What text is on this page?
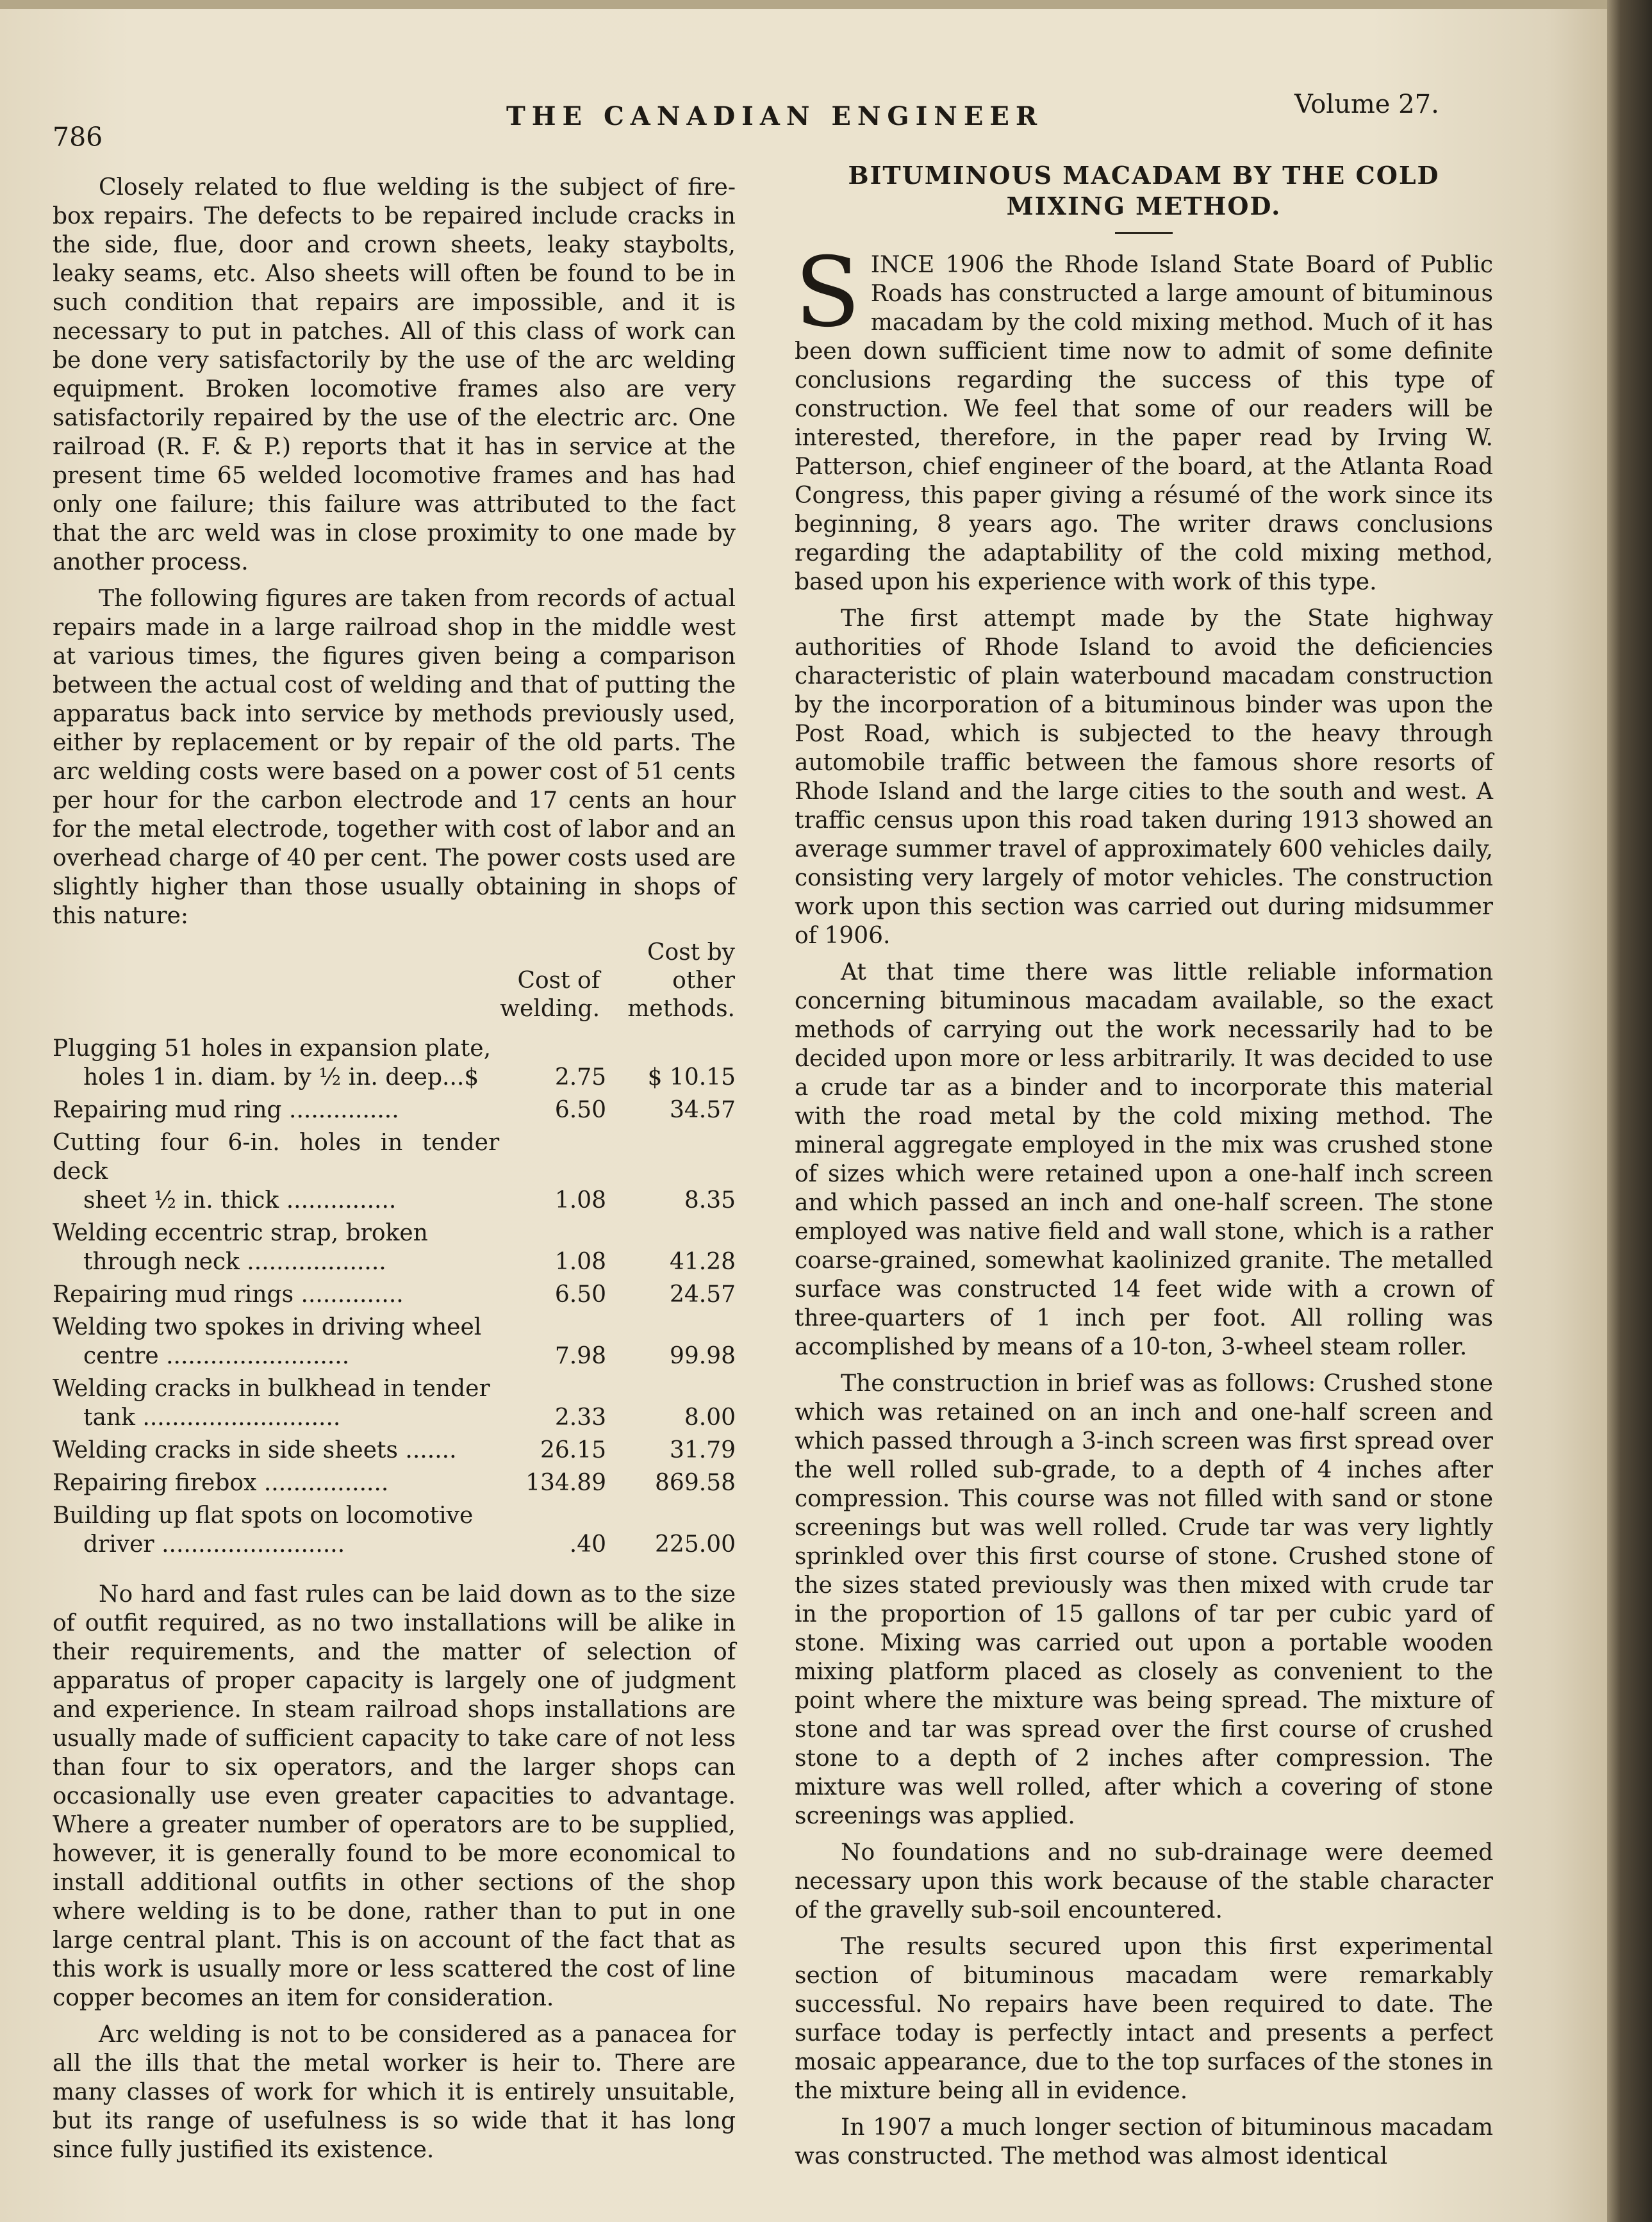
786
THE CANADIAN ENGINEER	Volume 27.

Closely related to flue welding is the subject of fire-box repairs. The defects to be repaired include cracks in the side, flue, door and crown sheets, leaky staybolts, leaky seams, etc. Also sheets will often be found to be in such condition that repairs are impossible, and it is necessary to put in patches. All of this class of work can be done very satisfactorily by the use of the arc welding equipment. Broken locomotive frames also are very satisfactorily repaired by the use of the electric arc. One railroad (R. F. & P.) reports that it has in service at the present time 65 welded locomotive frames and has had only one failure; this failure was attributed to the fact that the arc weld was in close proximity to one made by another process.

The following figures are taken from records of actual repairs made in a large railroad shop in the middle west at various times, the figures given being a comparison between the actual cost of welding and that of putting the apparatus back into service by methods previously used, either by replacement or by repair of the old parts. The arc welding costs were based on a power cost of 51 cents per hour for the carbon electrode and 17 cents an hour for the metal electrode, together with cost of labor and an overhead charge of 40 per cent. The power costs used are slightly higher than those usually obtaining in shops of this nature:

	Cost of welding.	Cost by other methods.

Plugging 51 holes in expansion plate,
holes 1 in. diam. by ½ in. deep...$	2.75	$ 10.15

Repairing mud ring ...............	6.50	34.57

Cutting four 6-in. holes in tender deck
sheet ½ in. thick ...............	1.08	8.35

Welding eccentric strap, broken
through neck ...................	1.08	41.28

Repairing mud rings ..............	6.50	24.57

Welding two spokes in driving wheel
centre .........................	7.98	99.98

Welding cracks in bulkhead in tender
tank ...........................	2.33	8.00

Welding cracks in side sheets .......	26.15	31.79

Repairing firebox .................	134.89	869.58

Building up flat spots on locomotive
driver .........................	.40	225.00

No hard and fast rules can be laid down as to the size of outfit required, as no two installations will be alike in their requirements, and the matter of selection of apparatus of proper capacity is largely one of judgment and experience. In steam railroad shops installations are usually made of sufficient capacity to take care of not less than four to six operators, and the larger shops can occasionally use even greater capacities to advantage. Where a greater number of operators are to be supplied, however, it is generally found to be more economical to install additional outfits in other sections of the shop where welding is to be done, rather than to put in one large central plant. This is on account of the fact that as this work is usually more or less scattered the cost of line copper becomes an item for consideration.

Arc welding is not to be considered as a panacea for all the ills that the metal worker is heir to. There are many classes of work for which it is entirely unsuitable, but its range of usefulness is so wide that it has long since fully justified its existence.

BITUMINOUS MACADAM BY THE COLD MIXING METHOD.

SINCE 1906 the Rhode Island State Board of Public Roads has constructed a large amount of bituminous macadam by the cold mixing method. Much of it has been down sufficient time now to admit of some definite conclusions regarding the success of this type of construction. We feel that some of our readers will be interested, therefore, in the paper read by Irving W. Patterson, chief engineer of the board, at the Atlanta Road Congress, this paper giving a résumé of the work since its beginning, 8 years ago. The writer draws conclusions regarding the adaptability of the cold mixing method, based upon his experience with work of this type.

The first attempt made by the State highway authorities of Rhode Island to avoid the deficiencies characteristic of plain waterbound macadam construction by the incorporation of a bituminous binder was upon the Post Road, which is subjected to the heavy through automobile traffic between the famous shore resorts of Rhode Island and the large cities to the south and west. A traffic census upon this road taken during 1913 showed an average summer travel of approximately 600 vehicles daily, consisting very largely of motor vehicles. The construction work upon this section was carried out during midsummer of 1906.

At that time there was little reliable information concerning bituminous macadam available, so the exact methods of carrying out the work necessarily had to be decided upon more or less arbitrarily. It was decided to use a crude tar as a binder and to incorporate this material with the road metal by the cold mixing method. The mineral aggregate employed in the mix was crushed stone of sizes which were retained upon a one-half inch screen and which passed an inch and one-half screen. The stone employed was native field and wall stone, which is a rather coarse-grained, somewhat kaolinized granite. The metalled surface was constructed 14 feet wide with a crown of three-quarters of 1 inch per foot. All rolling was accomplished by means of a 10-ton, 3-wheel steam roller.

The construction in brief was as follows: Crushed stone which was retained on an inch and one-half screen and which passed through a 3-inch screen was first spread over the well rolled sub-grade, to a depth of 4 inches after compression. This course was not filled with sand or stone screenings but was well rolled. Crude tar was very lightly sprinkled over this first course of stone. Crushed stone of the sizes stated previously was then mixed with crude tar in the proportion of 15 gallons of tar per cubic yard of stone. Mixing was carried out upon a portable wooden mixing platform placed as closely as convenient to the point where the mixture was being spread. The mixture of stone and tar was spread over the first course of crushed stone to a depth of 2 inches after compression. The mixture was well rolled, after which a covering of stone screenings was applied.

No foundations and no sub-drainage were deemed necessary upon this work because of the stable character of the gravelly sub-soil encountered.

The results secured upon this first experimental section of bituminous macadam were remarkably successful. No repairs have been required to date. The surface today is perfectly intact and presents a perfect mosaic appearance, due to the top surfaces of the stones in the mixture being all in evidence.

In 1907 a much longer section of bituminous macadam was constructed. The method was almost identical
